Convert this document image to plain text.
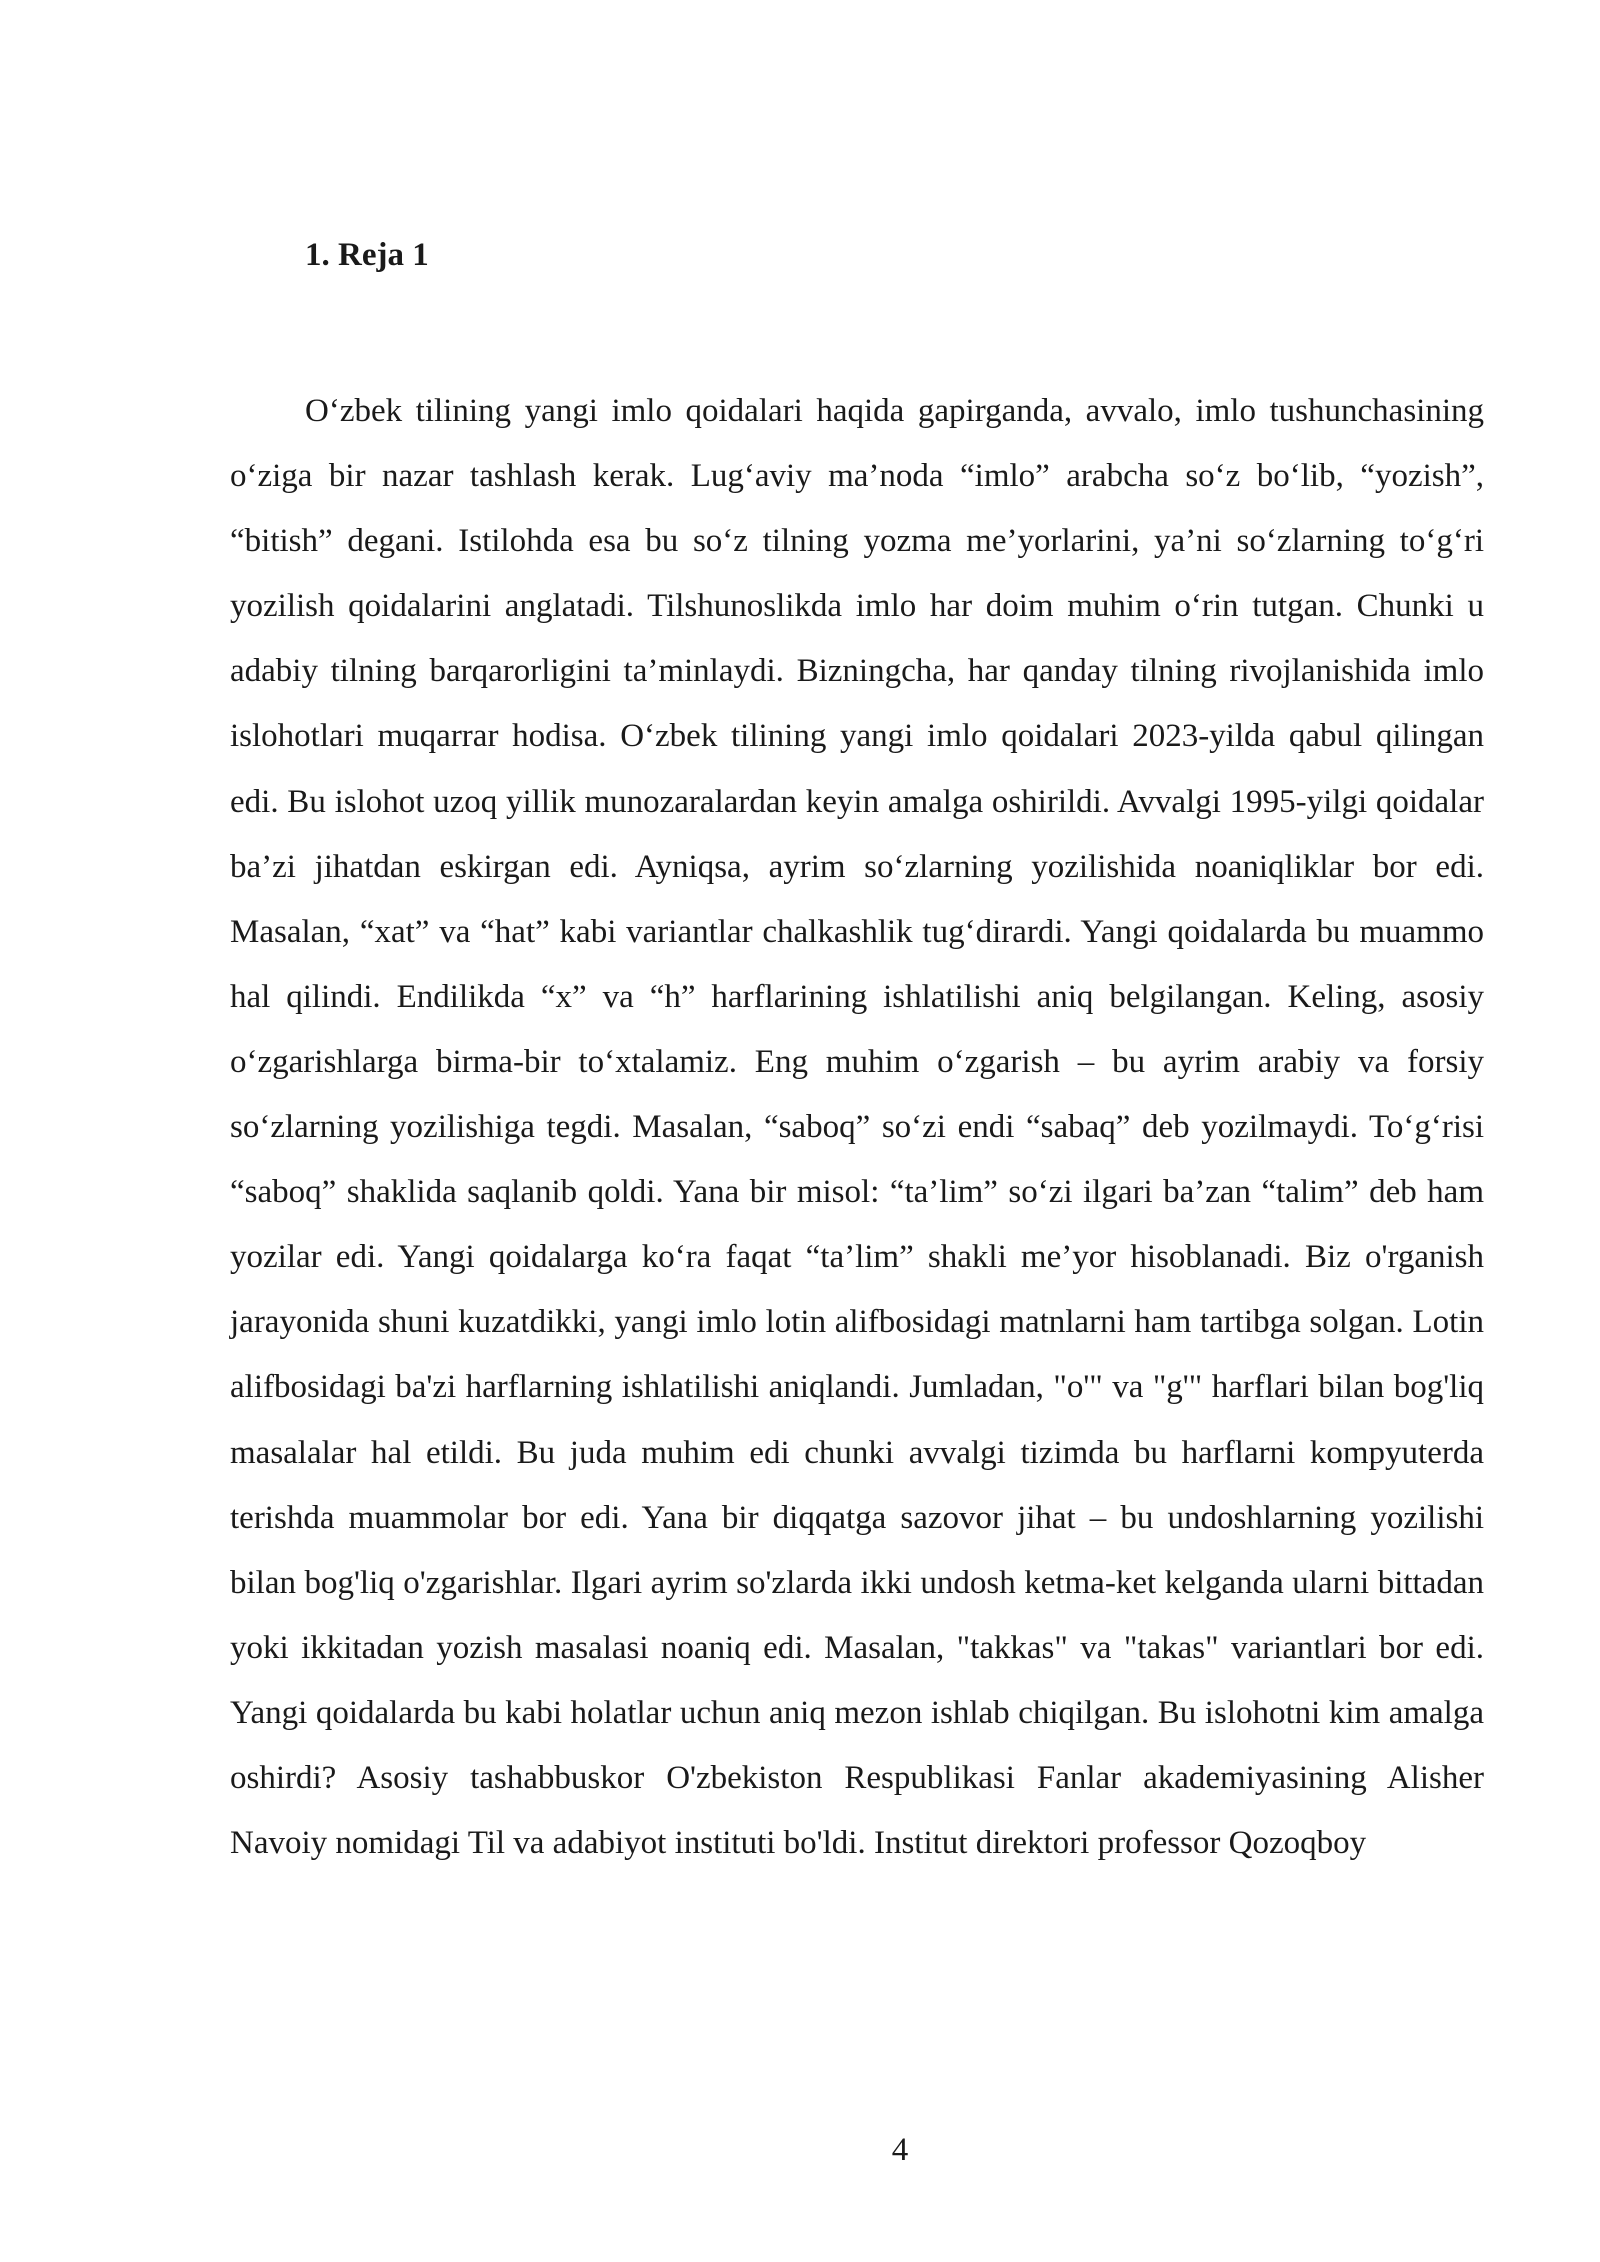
1. Reja 1

O‘zbek tilining yangi imlo qoidalari haqida gapirganda, avvalo, imlo tushunchasining o‘ziga bir nazar tashlash kerak. Lug‘aviy ma’noda “imlo” arabcha so‘z bo‘lib, “yozish”, “bitish” degani. Istilohda esa bu so‘z tilning yozma me’yorlarini, ya’ni so‘zlarning to‘g‘ri yozilish qoidalarini anglatadi. Tilshunoslikda imlo har doim muhim o‘rin tutgan. Chunki u adabiy tilning barqarorligini ta’minlaydi. Bizningcha, har qanday tilning rivojlanishida imlo islohotlari muqarrar hodisa. O‘zbek tilining yangi imlo qoidalari 2023-yilda qabul qilingan edi. Bu islohot uzoq yillik munozaralardan keyin amalga oshirildi. Avvalgi 1995-yilgi qoidalar ba’zi jihatdan eskirgan edi. Ayniqsa, ayrim so‘zlarning yozilishida noaniqliklar bor edi. Masalan, “xat” va “hat” kabi variantlar chalkashlik tug‘dirardi. Yangi qoidalarda bu muammo hal qilindi. Endilikda “x” va “h” harflarining ishlatilishi aniq belgilangan. Keling, asosiy o‘zgarishlarga birma-bir to‘xtalamiz. Eng muhim o‘zgarish – bu ayrim arabiy va forsiy so‘zlarning yozilishiga tegdi. Masalan, “saboq” so‘zi endi “sabaq” deb yozilmaydi. To‘g‘risi “saboq” shaklida saqlanib qoldi. Yana bir misol: “ta’lim” so‘zi ilgari ba’zan “talim” deb ham yozilar edi. Yangi qoidalarga ko‘ra faqat “ta’lim” shakli me’yor hisoblanadi. Biz o'rganish jarayonida shuni kuzatdikki, yangi imlo lotin alifbosidagi matnlarni ham tartibga solgan. Lotin alifbosidagi ba'zi harflarning ishlatilishi aniqlandi. Jumladan, "o'" va "g'" harflari bilan bog'liq masalalar hal etildi. Bu juda muhim edi chunki avvalgi tizimda bu harflarni kompyuterda terishda muammolar bor edi. Yana bir diqqatga sazovor jihat – bu undoshlarning yozilishi bilan bog'liq o'zgarishlar. Ilgari ayrim so'zlarda ikki undosh ketma-ket kelganda ularni bittadan yoki ikkitadan yozish masalasi noaniq edi. Masalan, "takkas" va "takas" variantlari bor edi. Yangi qoidalarda bu kabi holatlar uchun aniq mezon ishlab chiqilgan. Bu islohotni kim amalga oshirdi? Asosiy tashabbuskor O'zbekiston Respublikasi Fanlar akademiyasining Alisher Navoiy nomidagi Til va adabiyot instituti bo'ldi. Institut direktori professor Qozoqboy

4
